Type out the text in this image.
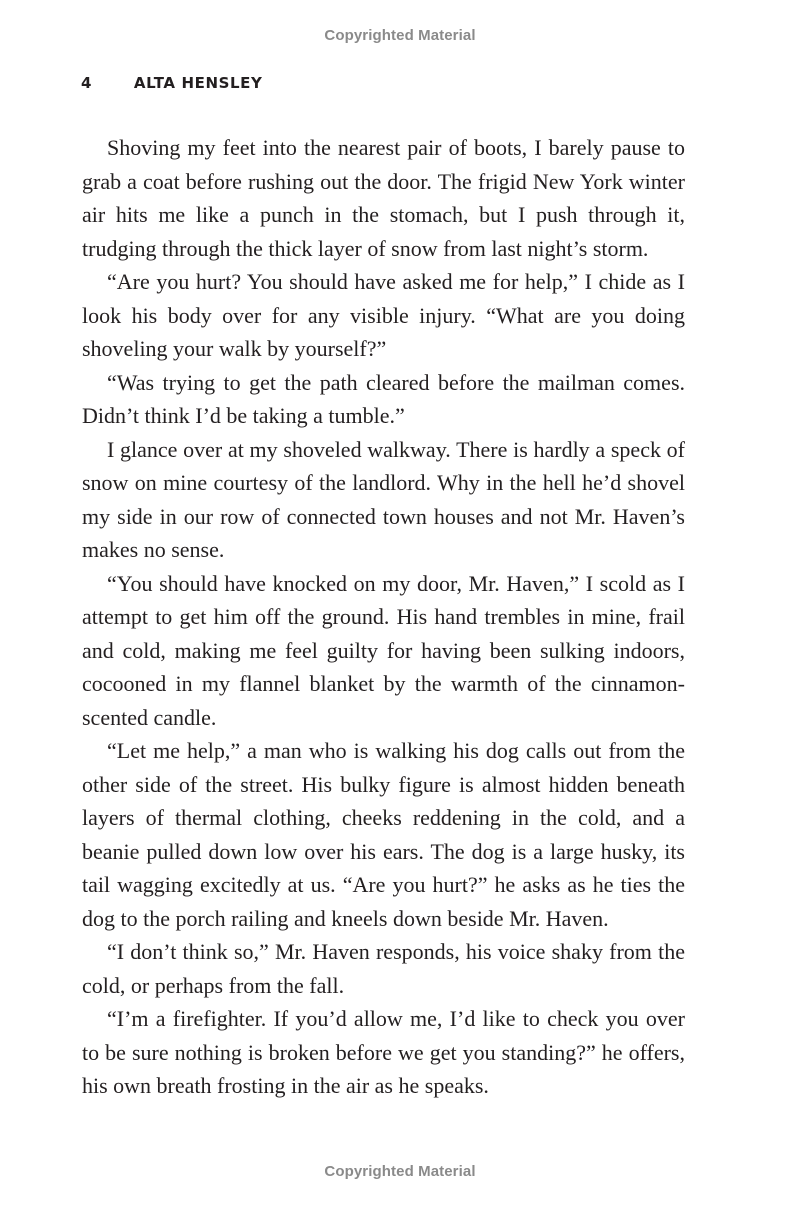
Copyrighted Material
4	ALTA HENSLEY

Shoving my feet into the nearest pair of boots, I barely pause to grab a coat before rushing out the door. The frigid New York winter air hits me like a punch in the stomach, but I push through it, trudging through the thick layer of snow from last night’s storm.

“Are you hurt? You should have asked me for help,” I chide as I look his body over for any visible injury. “What are you doing shoveling your walk by yourself?”

“Was trying to get the path cleared before the mailman comes. Didn’t think I’d be taking a tumble.”

I glance over at my shoveled walkway. There is hardly a speck of snow on mine courtesy of the landlord. Why in the hell he’d shovel my side in our row of connected town houses and not Mr. Haven’s makes no sense.

“You should have knocked on my door, Mr. Haven,” I scold as I attempt to get him off the ground. His hand trembles in mine, frail and cold, making me feel guilty for having been sulking indoors, cocooned in my flannel blanket by the warmth of the cinnamon-scented candle.

“Let me help,” a man who is walking his dog calls out from the other side of the street. His bulky figure is almost hidden beneath layers of thermal clothing, cheeks reddening in the cold, and a beanie pulled down low over his ears. The dog is a large husky, its tail wagging excitedly at us. “Are you hurt?” he asks as he ties the dog to the porch railing and kneels down beside Mr. Haven.

“I don’t think so,” Mr. Haven responds, his voice shaky from the cold, or perhaps from the fall.

“I’m a firefighter. If you’d allow me, I’d like to check you over to be sure nothing is broken before we get you standing?” he offers, his own breath frosting in the air as he speaks.

Copyrighted Material
